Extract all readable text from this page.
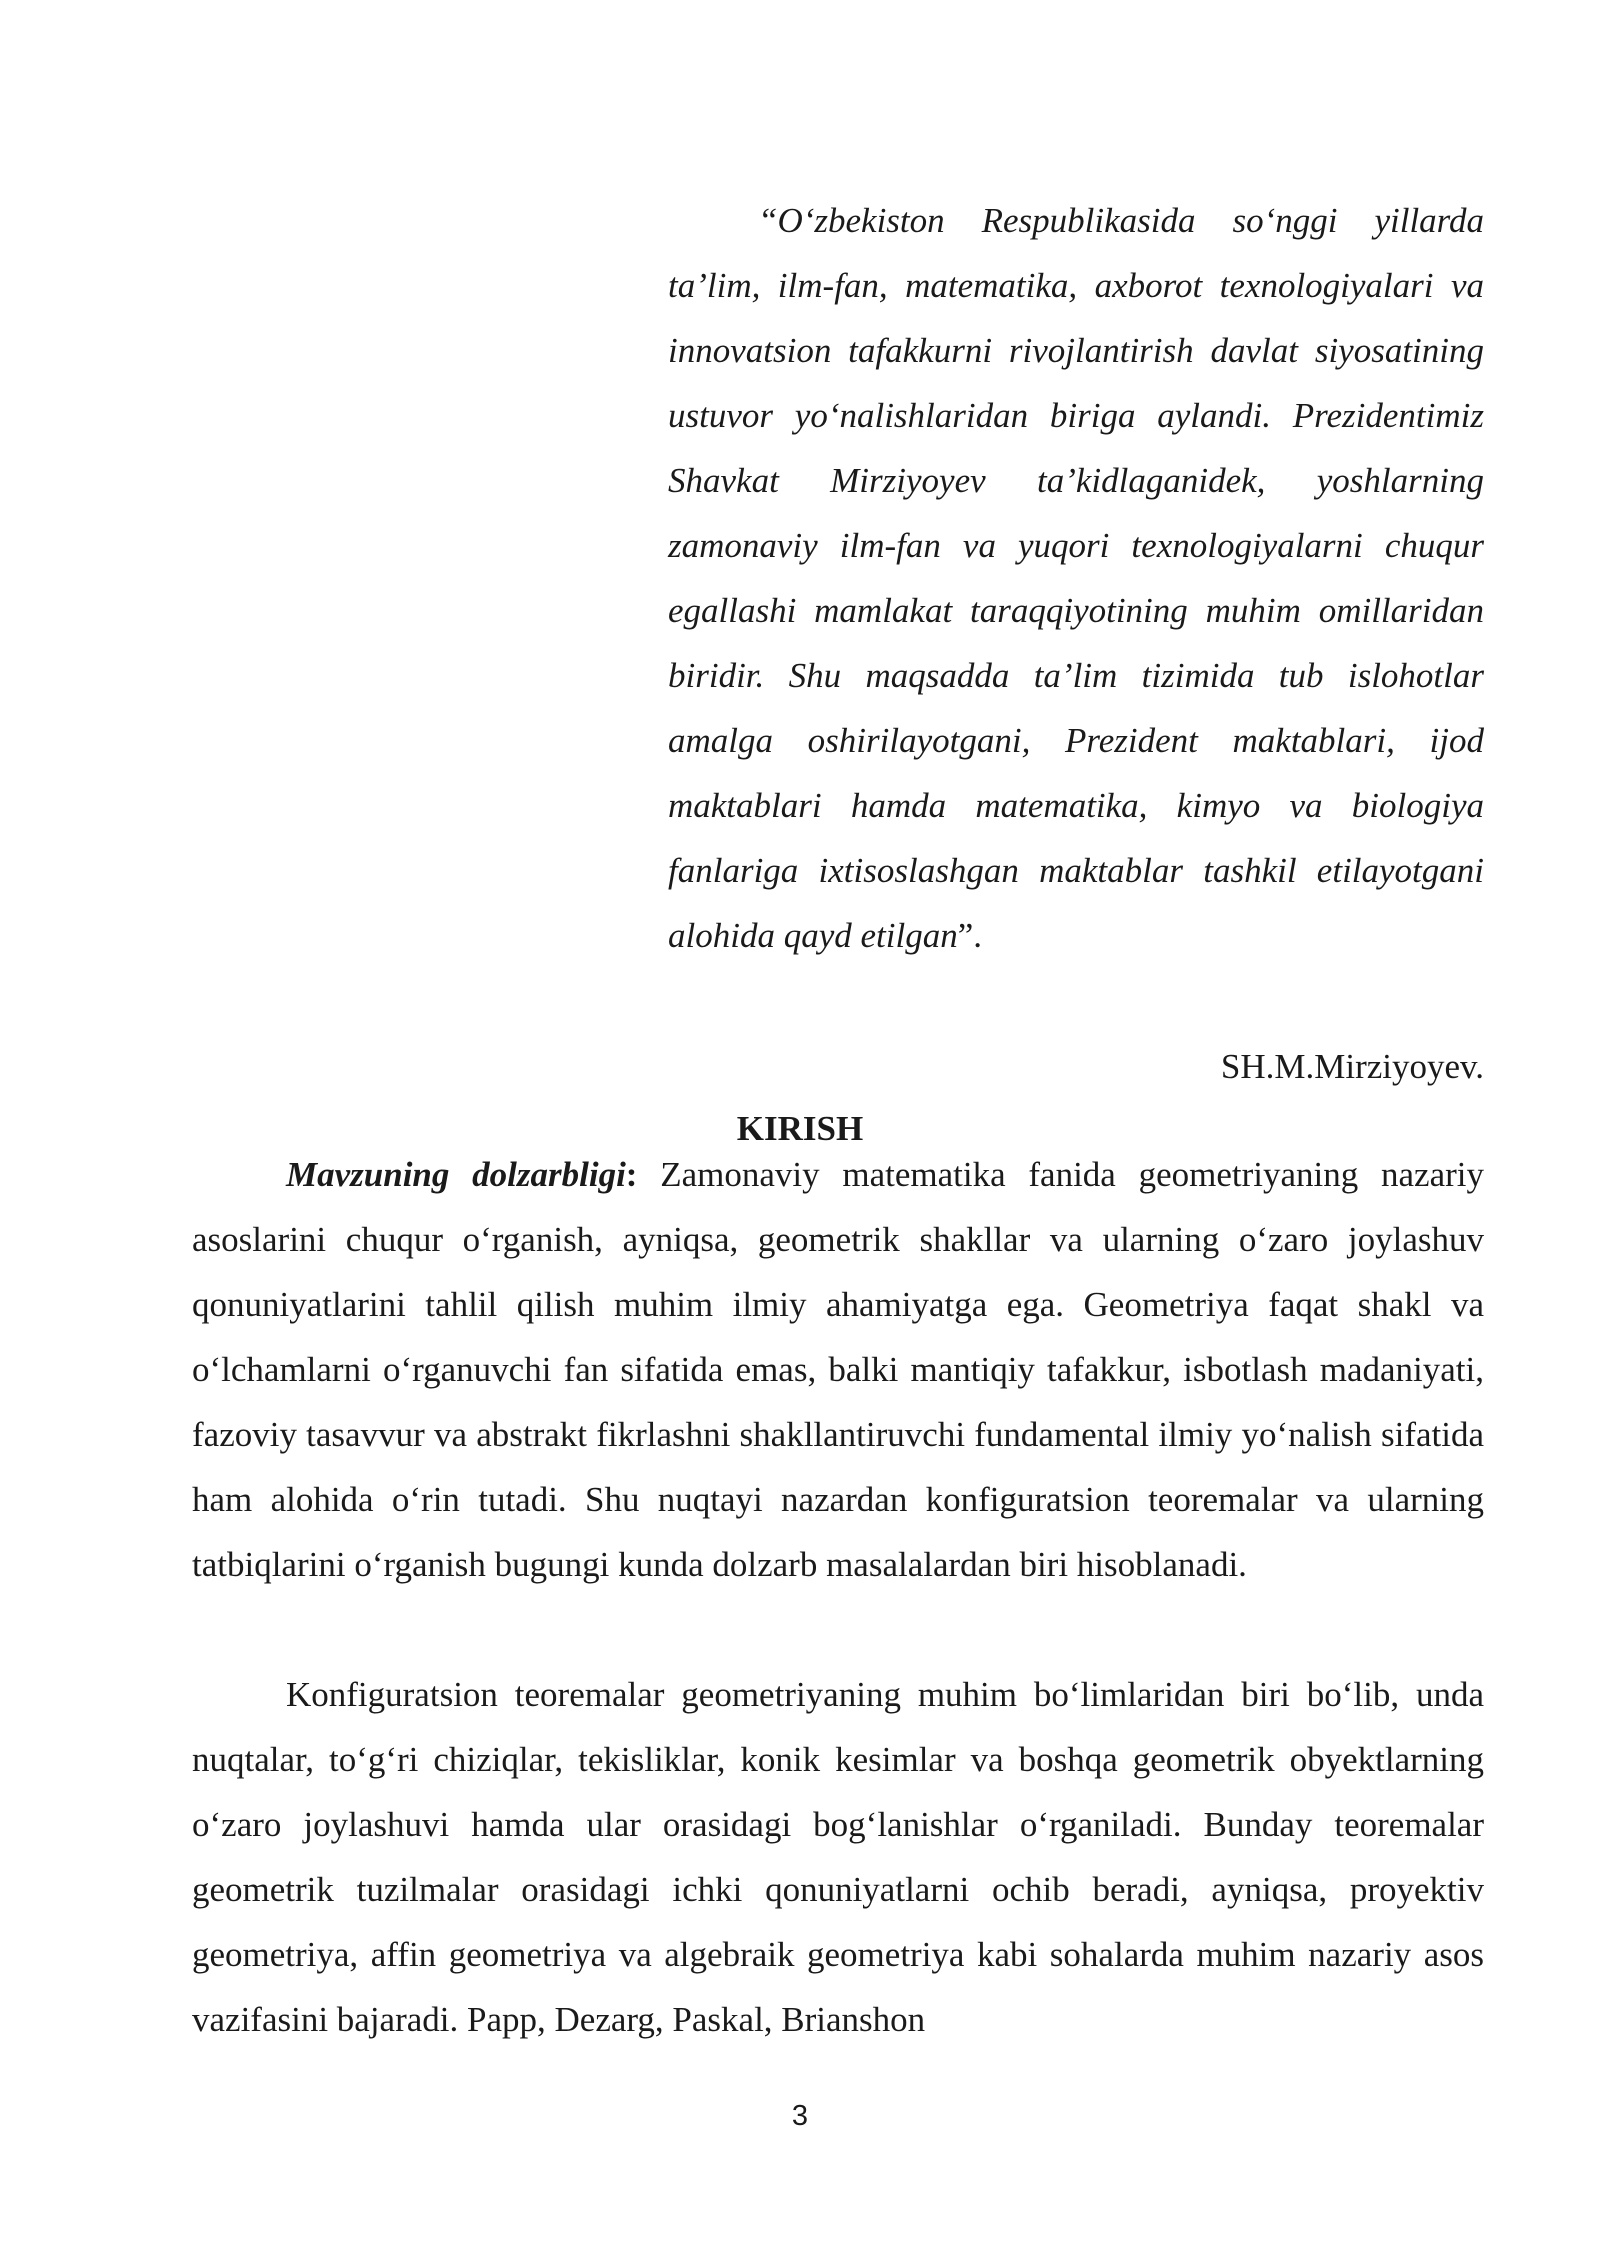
“O‘zbekiston Respublikasida so‘nggi yillarda ta’lim, ilm-fan, matematika, axborot texnologiyalari va innovatsion tafakkurni rivojlantirish davlat siyosatining ustuvor yo‘nalishlaridan biriga aylandi. Prezidentimiz Shavkat Mirziyoyev ta’kidlaganidek, yoshlarning zamonaviy ilm-fan va yuqori texnologiyalarni chuqur egallashi mamlakat taraqqiyotining muhim omillaridan biridir. Shu maqsadda ta’lim tizimida tub islohotlar amalga oshirilayotgani, Prezident maktablari, ijod maktablari hamda matematika, kimyo va biologiya fanlariga ixtisoslashgan maktablar tashkil etilayotgani alohida qayd etilgan”.

SH.M.Mirziyoyev.

KIRISH

Mavzuning dolzarbligi: Zamonaviy matematika fanida geometriyaning nazariy asoslarini chuqur o‘rganish, ayniqsa, geometrik shakllar va ularning o‘zaro joylashuv qonuniyatlarini tahlil qilish muhim ilmiy ahamiyatga ega. Geometriya faqat shakl va o‘lchamlarni o‘rganuvchi fan sifatida emas, balki mantiqiy tafakkur, isbotlash madaniyati, fazoviy tasavvur va abstrakt fikrlashni shakllantiruvchi fundamental ilmiy yo‘nalish sifatida ham alohida o‘rin tutadi. Shu nuqtayi nazardan konfiguratsion teoremalar va ularning tatbiqlarini o‘rganish bugungi kunda dolzarb masalalardan biri hisoblanadi.

Konfiguratsion teoremalar geometriyaning muhim bo‘limlaridan biri bo‘lib, unda nuqtalar, to‘g‘ri chiziqlar, tekisliklar, konik kesimlar va boshqa geometrik obyektlarning o‘zaro joylashuvi hamda ular orasidagi bog‘lanishlar o‘rganiladi. Bunday teoremalar geometrik tuzilmalar orasidagi ichki qonuniyatlarni ochib beradi, ayniqsa, proyektiv geometriya, affin geometriya va algebraik geometriya kabi sohalarda muhim nazariy asos vazifasini bajaradi. Papp, Dezarg, Paskal, Brianshon

3
